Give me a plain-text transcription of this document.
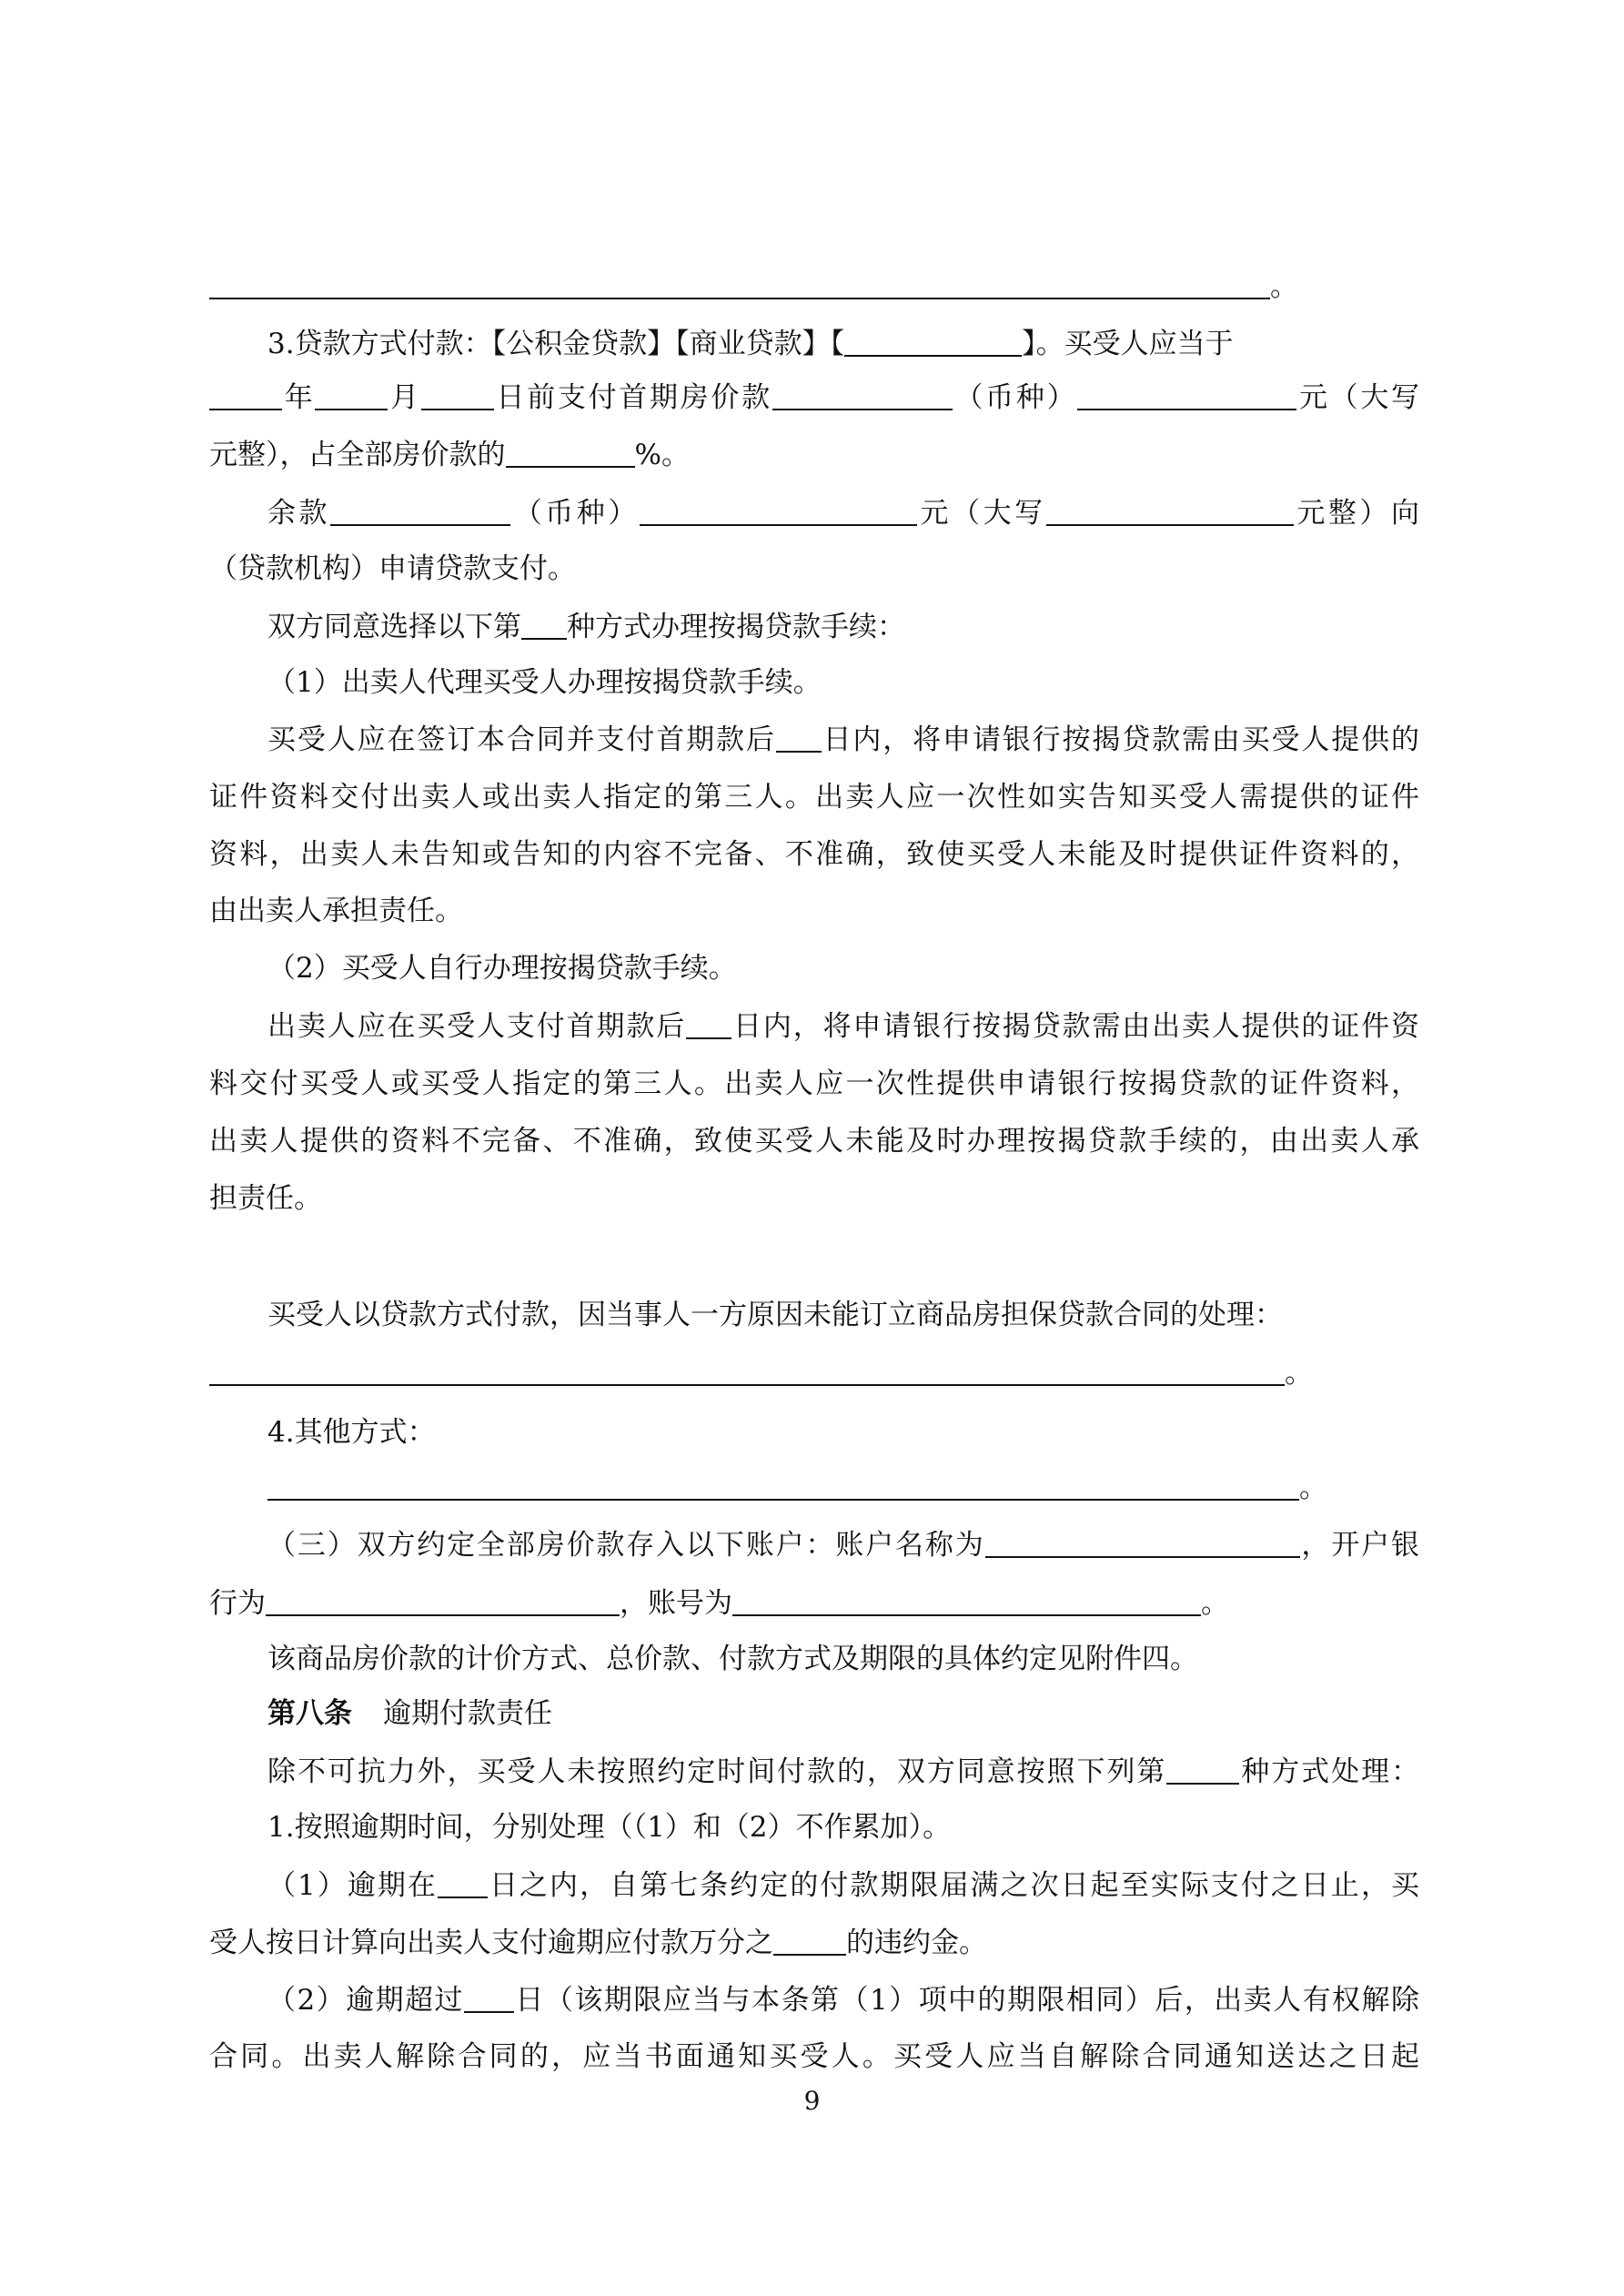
。
3.贷款方式付款：【公积金贷款】【商业贷款】【	】。买受人应当于
年	月	日前支付首期房价款	（币种）	元（大写
元整），占全部房价款的	%。
余款	（币种）	元（大写	元整）向
（贷款机构）申请贷款支付。
双方同意选择以下第 种方式办理按揭贷款手续：
（1）出卖人代理买受人办理按揭贷款手续。
买受人应在签订本合同并支付首期款后 日内，将申请银行按揭贷款需由买受人提供的
证件资料交付出卖人或出卖人指定的第三人。出卖人应一次性如实告知买受人需提供的证件
资料，出卖人未告知或告知的内容不完备、不准确，致使买受人未能及时提供证件资料的，
由出卖人承担责任。
（2）买受人自行办理按揭贷款手续。
出卖人应在买受人支付首期款后 日内，将申请银行按揭贷款需由出卖人提供的证件资
料交付买受人或买受人指定的第三人。出卖人应一次性提供申请银行按揭贷款的证件资料，
出卖人提供的资料不完备、不准确，致使买受人未能及时办理按揭贷款手续的，由出卖人承
担责任。
买受人以贷款方式付款，因当事人一方原因未能订立商品房担保贷款合同的处理：
。
4.其他方式：
。
（三）双方约定全部房价款存入以下账户：账户名称为	，开户银
行为	，账号为	。
该商品房价款的计价方式、总价款、付款方式及期限的具体约定见附件四。
第八条 逾期付款责任
除不可抗力外，买受人未按照约定时间付款的，双方同意按照下列第	种方式处理：
1.按照逾期时间，分别处理（（1）和（2）不作累加）。
（1）逾期在 日之内，自第七条约定的付款期限届满之次日起至实际支付之日止，买
受人按日计算向出卖人支付逾期应付款万分之	的违约金。
（2）逾期超过 日（该期限应当与本条第（1）项中的期限相同）后，出卖人有权解除
合同。出卖人解除合同的，应当书面通知买受人。买受人应当自解除合同通知送达之日起
9
